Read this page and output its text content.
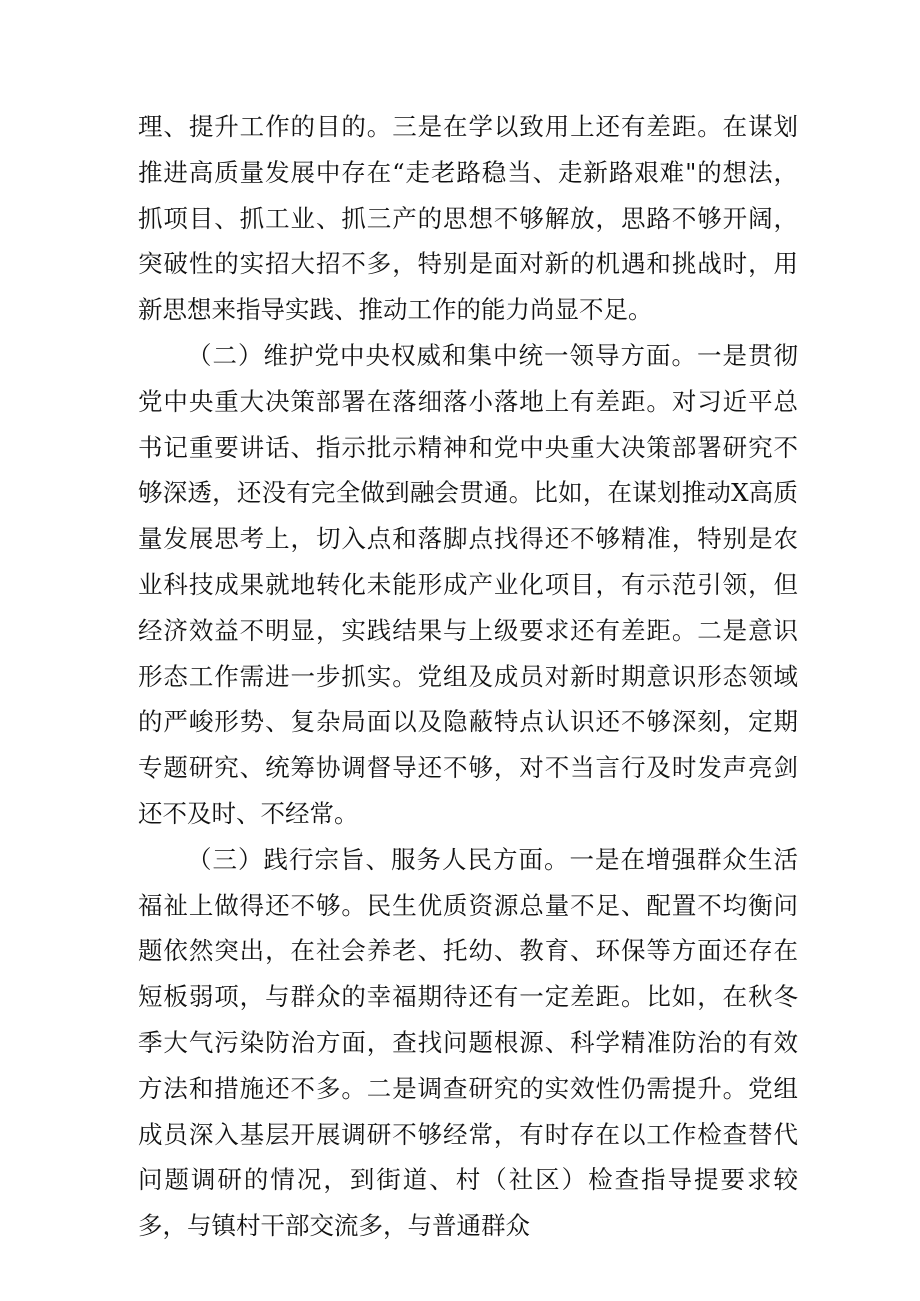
理、提升工作的目的。三是在学以致用上还有差距。在谋划推进高质量发展中存在“走老路稳当、走新路艰难"的想法，抓项目、抓工业、抓三产的思想不够解放，思路不够开阔，突破性的实招大招不多，特别是面对新的机遇和挑战时，用新思想来指导实践、推动工作的能力尚显不足。

（二）维护党中央权威和集中统一领导方面。一是贯彻党中央重大决策部署在落细落小落地上有差距。对习近平总书记重要讲话、指示批示精神和党中央重大决策部署研究不够深透，还没有完全做到融会贯通。比如，在谋划推动X高质量发展思考上，切入点和落脚点找得还不够精准，特别是农业科技成果就地转化未能形成产业化项目，有示范引领，但经济效益不明显，实践结果与上级要求还有差距。二是意识形态工作需进一步抓实。党组及成员对新时期意识形态领域的严峻形势、复杂局面以及隐蔽特点认识还不够深刻，定期专题研究、统筹协调督导还不够，对不当言行及时发声亮剑还不及时、不经常。

（三）践行宗旨、服务人民方面。一是在增强群众生活福祉上做得还不够。民生优质资源总量不足、配置不均衡问题依然突出，在社会养老、托幼、教育、环保等方面还存在短板弱项，与群众的幸福期待还有一定差距。比如，在秋冬季大气污染防治方面，查找问题根源、科学精准防治的有效方法和措施还不多。二是调查研究的实效性仍需提升。党组成员深入基层开展调研不够经常，有时存在以工作检查替代问题调研的情况，到街道、村（社区）检查指导提要求较多，与镇村干部交流多，与普通群众
